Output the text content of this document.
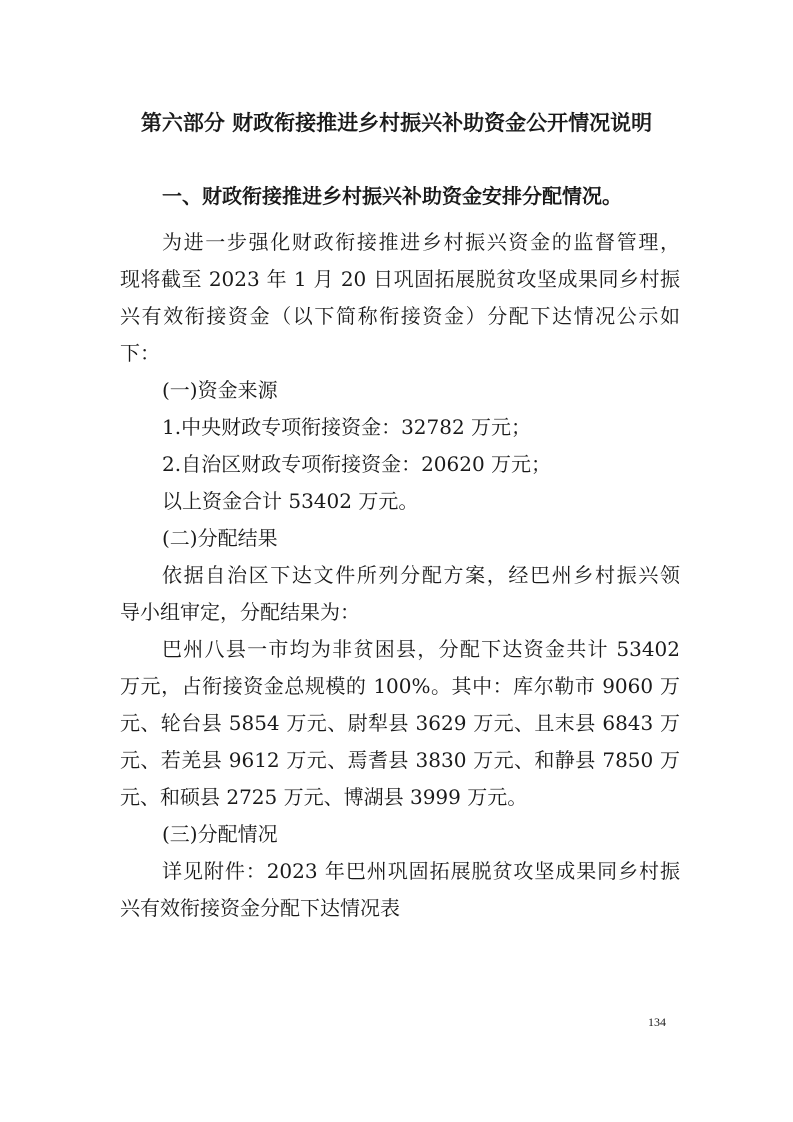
第六部分 财政衔接推进乡村振兴补助资金公开情况说明
一、财政衔接推进乡村振兴补助资金安排分配情况。
为进一步强化财政衔接推进乡村振兴资金的监督管理，
现将截至 2023 年 1 月 20 日巩固拓展脱贫攻坚成果同乡村振
兴有效衔接资金（以下简称衔接资金）分配下达情况公示如
下：
(一)资金来源
1.中央财政专项衔接资金：32782 万元；
2.自治区财政专项衔接资金：20620 万元；
以上资金合计 53402 万元。
(二)分配结果
依据自治区下达文件所列分配方案，经巴州乡村振兴领
导小组审定，分配结果为：
巴州八县一市均为非贫困县，分配下达资金共计 53402
万元，占衔接资金总规模的 100%。其中：库尔勒市 9060 万
元、轮台县 5854 万元、尉犁县 3629 万元、且末县 6843 万
元、若羌县 9612 万元、焉耆县 3830 万元、和静县 7850 万
元、和硕县 2725 万元、博湖县 3999 万元。
(三)分配情况
详见附件：2023 年巴州巩固拓展脱贫攻坚成果同乡村振
兴有效衔接资金分配下达情况表
134
